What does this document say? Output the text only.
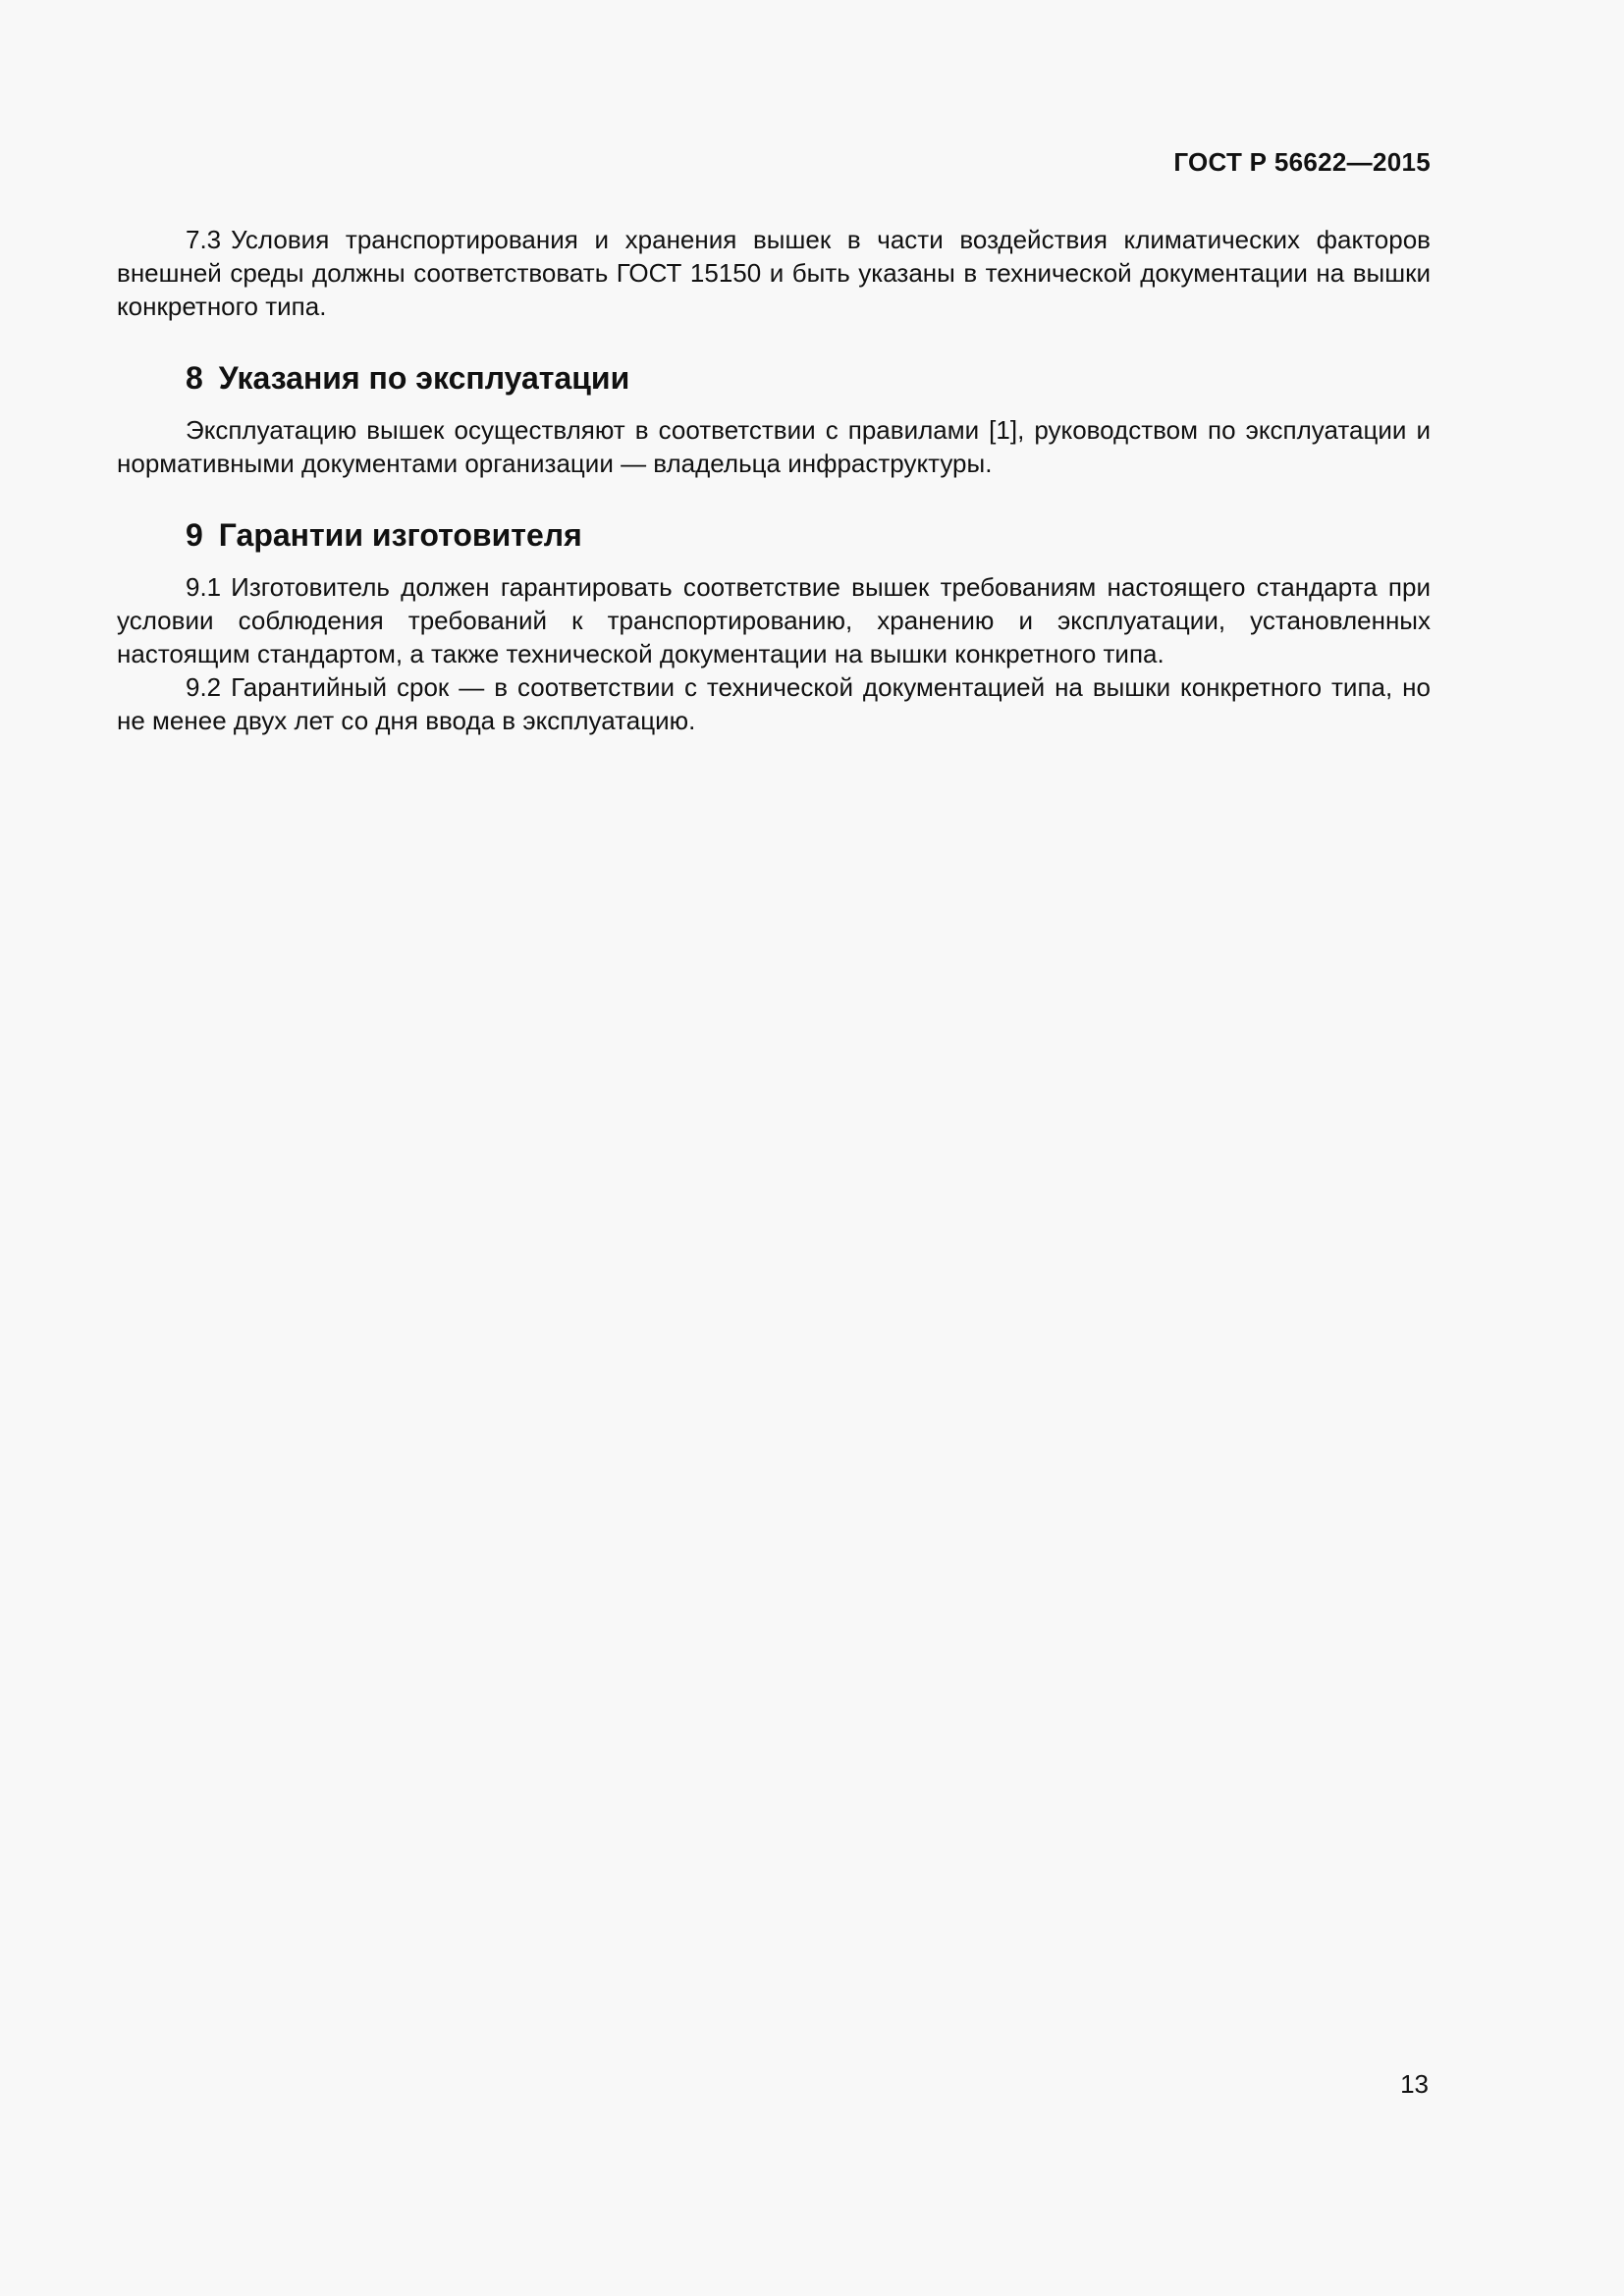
ГОСТ Р 56622—2015

7.3 Условия транспортирования и хранения вышек в части воздействия климатических факторов внешней среды должны соответствовать ГОСТ 15150 и быть указаны в технической документации на вышки конкретного типа.

8 Указания по эксплуатации

Эксплуатацию вышек осуществляют в соответствии с правилами [1], руководством по эксплуатации и нормативными документами организации — владельца инфраструктуры.

9 Гарантии изготовителя

9.1 Изготовитель должен гарантировать соответствие вышек требованиям настоящего стандарта при условии соблюдения требований к транспортированию, хранению и эксплуатации, установленных настоящим стандартом, а также технической документации на вышки конкретного типа.

9.2 Гарантийный срок — в соответствии с технической документацией на вышки конкретного типа, но не менее двух лет со дня ввода в эксплуатацию.

13
